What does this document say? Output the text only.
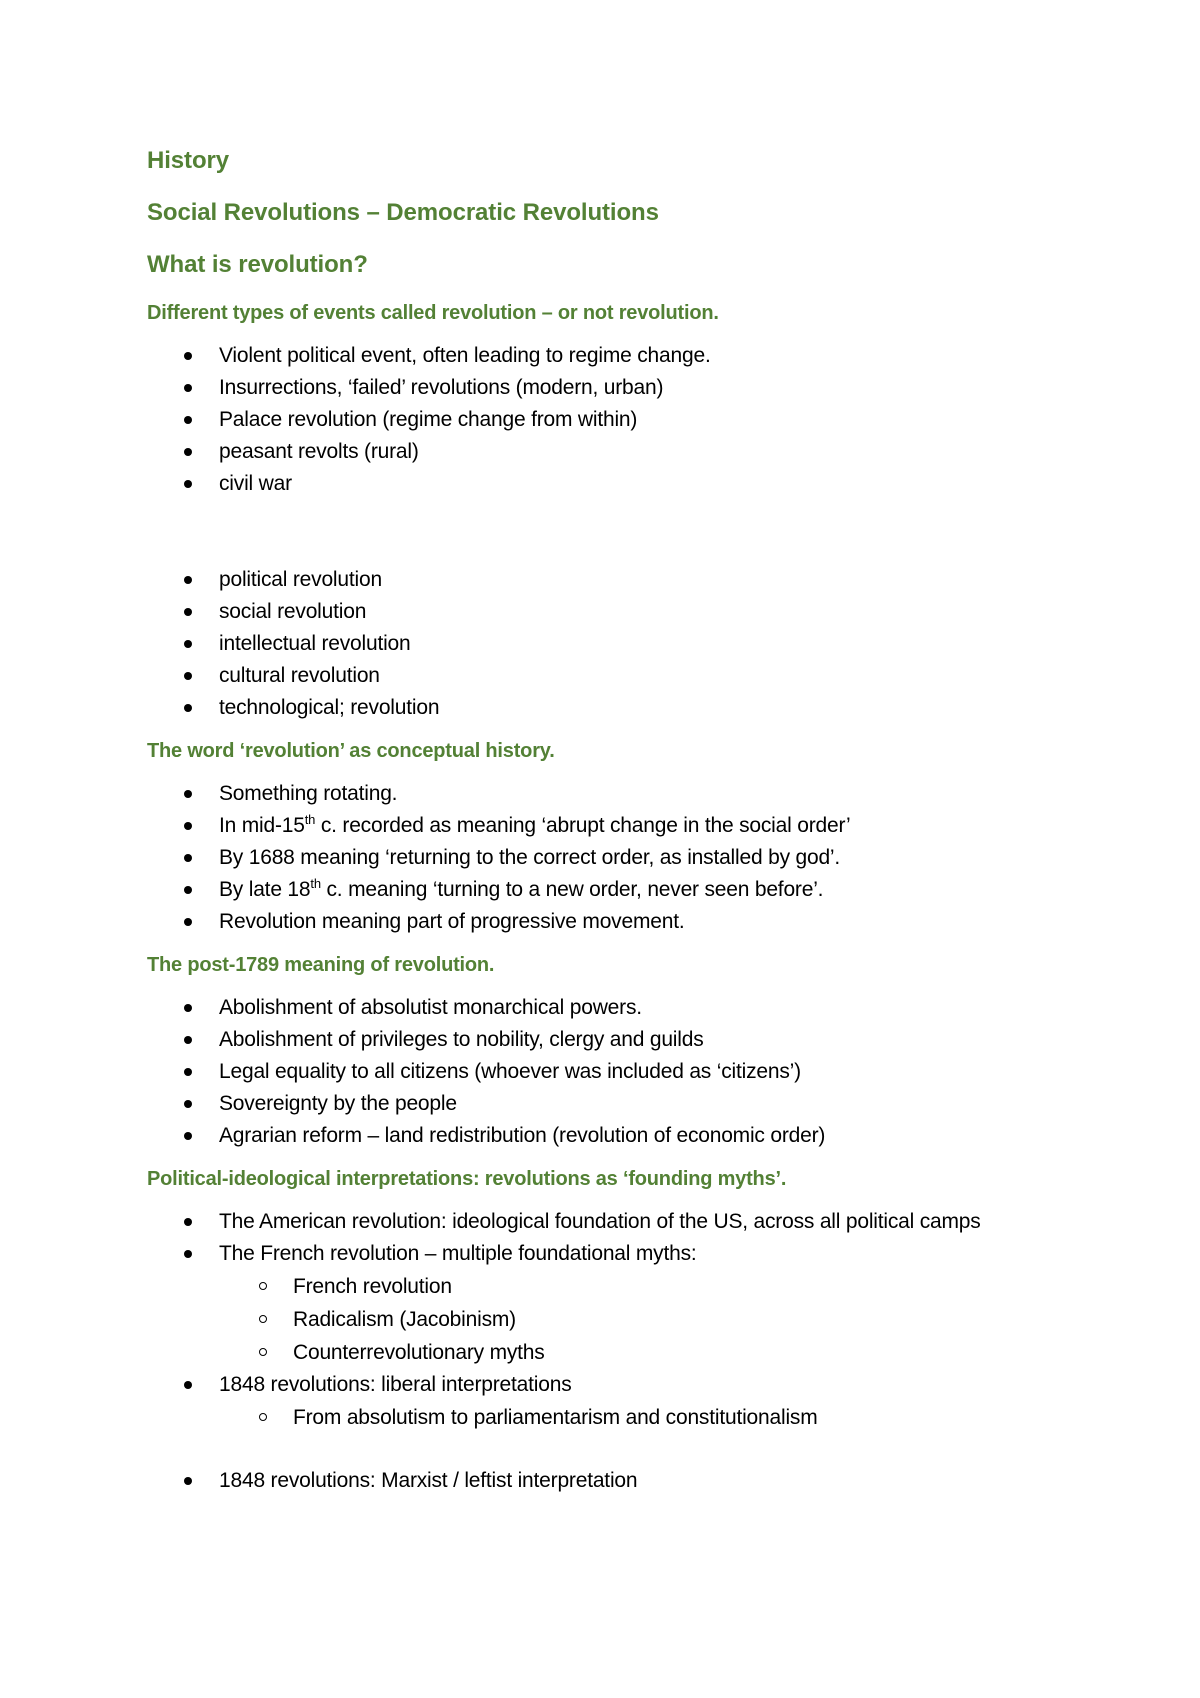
History
Social Revolutions – Democratic Revolutions
What is revolution?
Different types of events called revolution – or not revolution.
Violent political event, often leading to regime change.
Insurrections, ‘failed’ revolutions (modern, urban)
Palace revolution (regime change from within)
peasant revolts (rural)
civil war
political revolution
social revolution
intellectual revolution
cultural revolution
technological; revolution
The word ‘revolution’ as conceptual history.
Something rotating.
In mid-15th c. recorded as meaning ‘abrupt change in the social order’
By 1688 meaning ‘returning to the correct order, as installed by god’.
By late 18th c. meaning ‘turning to a new order, never seen before’.
Revolution meaning part of progressive movement.
The post-1789 meaning of revolution.
Abolishment of absolutist monarchical powers.
Abolishment of privileges to nobility, clergy and guilds
Legal equality to all citizens (whoever was included as ‘citizens’)
Sovereignty by the people
Agrarian reform – land redistribution (revolution of economic order)
Political-ideological interpretations: revolutions as ‘founding myths’.
The American revolution: ideological foundation of the US, across all political camps
The French revolution – multiple foundational myths:
French revolution
Radicalism (Jacobinism)
Counterrevolutionary myths
1848 revolutions: liberal interpretations
From absolutism to parliamentarism and constitutionalism
1848 revolutions: Marxist / leftist interpretation
